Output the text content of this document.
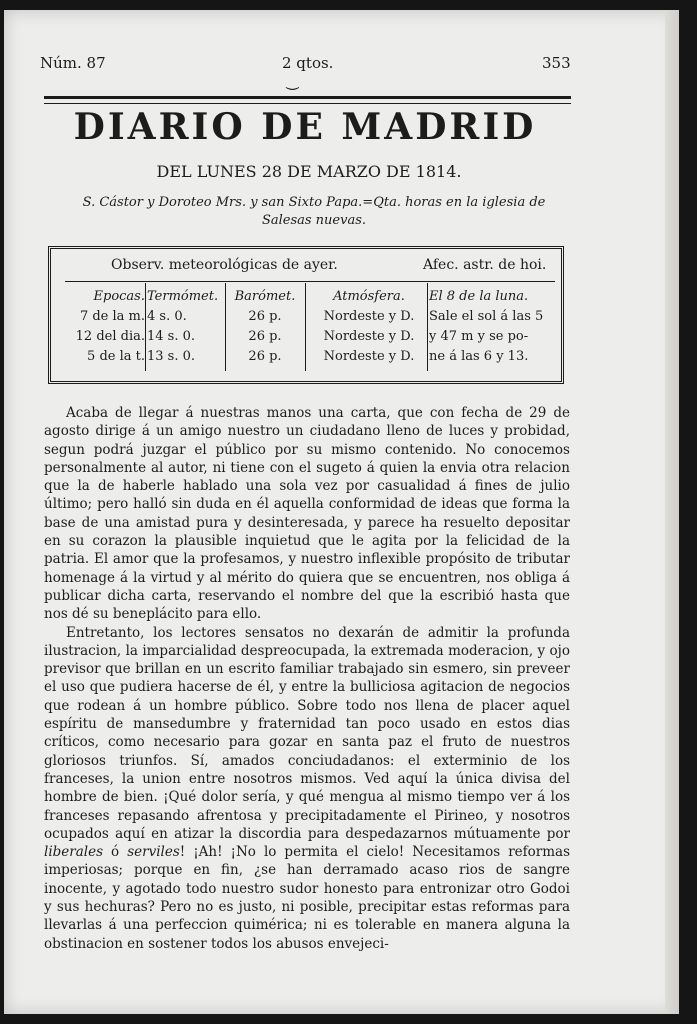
Núm. 87	2 qtos.
⏝
353
DIARIO DE MADRID
DEL LUNES 28 DE MARZO DE 1814.
S. Cástor y Doroteo Mrs. y san Sixto Papa.=Qta. horas en la iglesia de Salesas nuevas.
Observ. meteorológicas de ayer.	Afec. astr. de hoi.
Epocas.
7 de la m.
12 del dia.
5 de la t.
Termómet.
4 s. 0.
14 s. 0.
13 s. 0.
Barómet.
26 p.
26 p.
26 p.
Atmósfera.
Nordeste y D.
Nordeste y D.
Nordeste y D.
El 8 de la luna.
Sale el sol á las 5
y 47 m y se po-
ne á las 6 y 13.

Acaba de llegar á nuestras manos una carta, que con fecha de 29 de agosto dirige á un amigo nuestro un ciudadano lleno de luces y probidad, segun podrá juzgar el público por su mismo contenido. No conocemos personalmente al autor, ni tiene con el sugeto á quien la envia otra relacion que la de haberle hablado una sola vez por casualidad á fines de julio último; pero halló sin duda en él aquella conformidad de ideas que forma la base de una amistad pura y desinteresada, y parece ha resuelto depositar en su corazon la plausible inquietud que le agita por la felicidad de la patria. El amor que la profesamos, y nuestro inflexible propósito de tributar homenage á la virtud y al mérito do quiera que se encuentren, nos obliga á publicar dicha carta, reservando el nombre del que la escribió hasta que nos dé su beneplácito para ello.

Entretanto, los lectores sensatos no dexarán de admitir la profunda ilustracion, la imparcialidad despreocupada, la extremada moderacion, y ojo previsor que brillan en un escrito familiar trabajado sin esmero, sin preveer el uso que pudiera hacerse de él, y entre la bulliciosa agitacion de negocios que rodean á un hombre público. Sobre todo nos llena de placer aquel espíritu de mansedumbre y fraternidad tan poco usado en estos dias críticos, como necesario para gozar en santa paz el fruto de nuestros gloriosos triunfos. Sí, amados conciudadanos: el exterminio de los franceses, la union entre nosotros mismos. Ved aquí la única divisa del hombre de bien. ¡Qué dolor sería, y qué mengua al mismo tiempo ver á los franceses repasando afrentosa y precipitadamente el Pirineo, y nosotros ocupados aquí en atizar la discordia para despedazarnos mútuamente por liberales ó serviles! ¡Ah! ¡No lo permita el cielo! Necesitamos reformas imperiosas; porque en fin, ¿se han derramado acaso rios de sangre inocente, y agotado todo nuestro sudor honesto para entronizar otro Godoi y sus hechuras? Pero no es justo, ni posible, precipitar estas reformas para llevarlas á una perfeccion quimérica; ni es tolerable en manera alguna la obstinacion en sostener todos los abusos envejeci-
